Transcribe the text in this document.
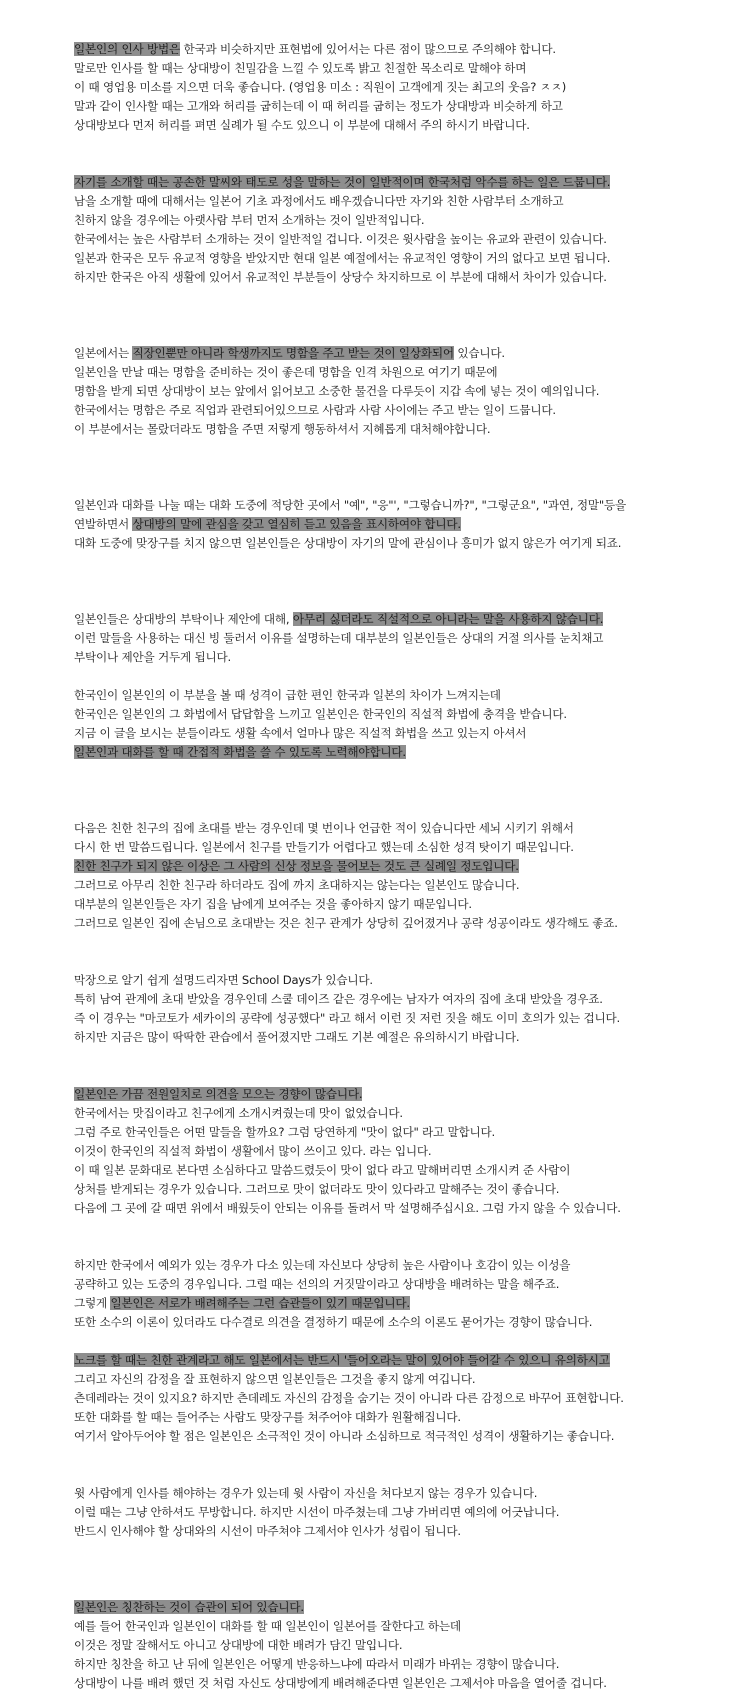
일본인의 인사 방법은 한국과 비슷하지만 표현법에 있어서는 다른 점이 많으므로 주의해야 합니다.
말로만 인사를 할 때는 상대방이 친밀감을 느낄 수 있도록 밝고 친절한 목소리로 말해야 하며
이 때 영업용 미소를 지으면 더욱 좋습니다. (영업용 미소 : 직원이 고객에게 짓는 최고의 웃음? ㅈㅈ)
말과 같이 인사할 때는 고개와 허리를 굽히는데 이 때 허리를 굽히는 정도가 상대방과 비슷하게 하고
상대방보다 먼저 허리를 펴면 실례가 될 수도 있으니 이 부분에 대해서 주의 하시기 바랍니다.
자기를 소개할 때는 공손한 말씨와 태도로 성을 말하는 것이 일반적이며 한국처럼 악수를 하는 일은 드뭅니다.
남을 소개할 때에 대해서는 일본어 기초 과정에서도 배우겠습니다만 자기와 친한 사람부터 소개하고
친하지 않을 경우에는 아랫사람 부터 먼저 소개하는 것이 일반적입니다.
한국에서는 높은 사람부터 소개하는 것이 일반적일 겁니다. 이것은 윗사람을 높이는 유교와 관련이 있습니다.
일본과 한국은 모두 유교적 영향을 받았지만 현대 일본 예절에서는 유교적인 영향이 거의 없다고 보면 됩니다.
하지만 한국은 아직 생활에 있어서 유교적인 부분들이 상당수 차지하므로 이 부분에 대해서 차이가 있습니다.
일본에서는 직장인뿐만 아니라 학생까지도 명함을 주고 받는 것이 일상화되어 있습니다.
일본인을 만날 때는 명함을 준비하는 것이 좋은데 명함을 인격 차원으로 여기기 때문에
명함을 받게 되면 상대방이 보는 앞에서 읽어보고 소중한 물건을 다루듯이 지갑 속에 넣는 것이 예의입니다.
한국에서는 명함은 주로 직업과 관련되어있으므로 사람과 사람 사이에는 주고 받는 일이 드뭅니다.
이 부분에서는 몰랐더라도 명함을 주면 저렇게 행동하셔서 지혜롭게 대처해야합니다.
일본인과 대화를 나눌 때는 대화 도중에 적당한 곳에서 "예", "응"', "그렇습니까?", "그렇군요", "과연, 정말"등을
연발하면서 상대방의 말에 관심을 갖고 열심히 듣고 있음을 표시하여야 합니다.
대화 도중에 맞장구를 치지 않으면 일본인들은 상대방이 자기의 말에 관심이나 흥미가 없지 않은가 여기게 되죠.
일본인들은 상대방의 부탁이나 제안에 대해, 아무리 싫더라도 직설적으로 아니라는 말을 사용하지 않습니다.
이런 말들을 사용하는 대신 빙 둘러서 이유를 설명하는데 대부분의 일본인들은 상대의 거절 의사를 눈치채고
부탁이나 제안을 거두게 됩니다.
한국인이 일본인의 이 부분을 볼 때 성격이 급한 편인 한국과 일본의 차이가 느껴지는데
한국인은 일본인의 그 화법에서 답답함을 느끼고 일본인은 한국인의 직설적 화법에 충격을 받습니다.
지금 이 글을 보시는 분들이라도 생활 속에서 얼마나 많은 직설적 화법을 쓰고 있는지 아셔서
일본인과 대화를 할 때 간접적 화법을 쓸 수 있도록 노력해야합니다.
다음은 친한 친구의 집에 초대를 받는 경우인데 몇 번이나 언급한 적이 있습니다만 세뇌 시키기 위해서
다시 한 번 말씀드립니다. 일본에서 친구를 만들기가 어렵다고 했는데 소심한 성격 탓이기 때문입니다.
친한 친구가 되지 않은 이상은 그 사람의 신상 정보을 물어보는 것도 큰 실례일 정도입니다.
그러므로 아무리 친한 친구라 하더라도 집에 까지 초대하지는 않는다는 일본인도 많습니다.
대부분의 일본인들은 자기 집을 남에게 보여주는 것을 좋아하지 않기 때문입니다.
그러므로 일본인 집에 손님으로 초대받는 것은 친구 관계가 상당히 깊어졌거나 공략 성공이라도 생각해도 좋죠.
막장으로 알기 쉽게 설명드리자면 School Days가 있습니다.
특히 남여 관계에 초대 받았을 경우인데 스쿨 데이즈 같은 경우에는 남자가 여자의 집에 초대 받았을 경우죠.
즉 이 경우는 "마코토가 세카이의 공략에 성공했다" 라고 해서 이런 짓 저런 짓을 해도 이미 호의가 있는 겁니다.
하지만 지금은 많이 딱딱한 관습에서 풀어졌지만 그래도 기본 예절은 유의하시기 바랍니다.
일본인은 가끔 전원일치로 의견을 모으는 경향이 많습니다.
한국에서는 맛집이라고 친구에게 소개시켜줬는데 맛이 없었습니다.
그럼 주로 한국인들은 어떤 말들을 할까요? 그럼 당연하게 "맛이 없다" 라고 말합니다.
이것이 한국인의 직설적 화법이 생활에서 많이 쓰이고 있다. 라는 입니다.
이 때 일본 문화대로 본다면 소심하다고 말씀드렸듯이 맛이 없다 라고 말해버리면 소개시켜 준 사람이
상처를 받게되는 경우가 있습니다. 그러므로 맛이 없더라도 맛이 있다라고 말해주는 것이 좋습니다.
다음에 그 곳에 갈 때면 위에서 배웠듯이 안되는 이유를 돌려서 막 설명해주십시요. 그럼 가지 않을 수 있습니다.
하지만 한국에서 예외가 있는 경우가 다소 있는데 자신보다 상당히 높은 사람이나 호감이 있는 이성을
공략하고 있는 도중의 경우입니다. 그럴 때는 선의의 거짓말이라고 상대방을 배려하는 말을 해주죠.
그렇게 일본인은 서로가 배려해주는 그런 습관들이 있기 때문입니다.
또한 소수의 이론이 있더라도 다수결로 의견을 결정하기 때문에 소수의 이론도 묻어가는 경향이 많습니다.
노크를 할 때는 친한 관계라고 해도 일본에서는 반드시 '들어오라는 말이 있어야 들어갈 수 있으니 유의하시고
그리고 자신의 감정을 잘 표현하지 않으면 일본인들은 그것을 좋지 않게 여깁니다.
츤데레라는 것이 있지요? 하지만 츤데레도 자신의 감정을 숨기는 것이 아니라 다른 감정으로 바꾸어 표현합니다.
또한 대화를 할 때는 들어주는 사람도 맞장구를 쳐주어야 대화가 원활해집니다.
여기서 알아두어야 할 점은 일본인은 소극적인 것이 아니라 소심하므로 적극적인 성격이 생활하기는 좋습니다.
윗 사람에게 인사를 해야하는 경우가 있는데 윗 사람이 자신을 쳐다보지 않는 경우가 있습니다.
이럴 때는 그냥 안하셔도 무방합니다. 하지만 시선이 마주쳤는데 그냥 가버리면 예의에 어긋납니다.
반드시 인사해야 할 상대와의 시선이 마주쳐야 그제서야 인사가 성립이 됩니다.
일본인은 칭찬하는 것이 습관이 되어 있습니다.
예를 들어 한국인과 일본인이 대화를 할 때 일본인이 일본어를 잘한다고 하는데
이것은 정말 잘해서도 아니고 상대방에 대한 배려가 담긴 말입니다.
하지만 칭찬을 하고 난 뒤에 일본인은 어떻게 반응하느냐에 따라서 미래가 바뀌는 경향이 많습니다.
상대방이 나를 배려 했던 것 처럼 자신도 상대방에게 배려해준다면 일본인은 그제서야 마음을 열어줄 겁니다.
